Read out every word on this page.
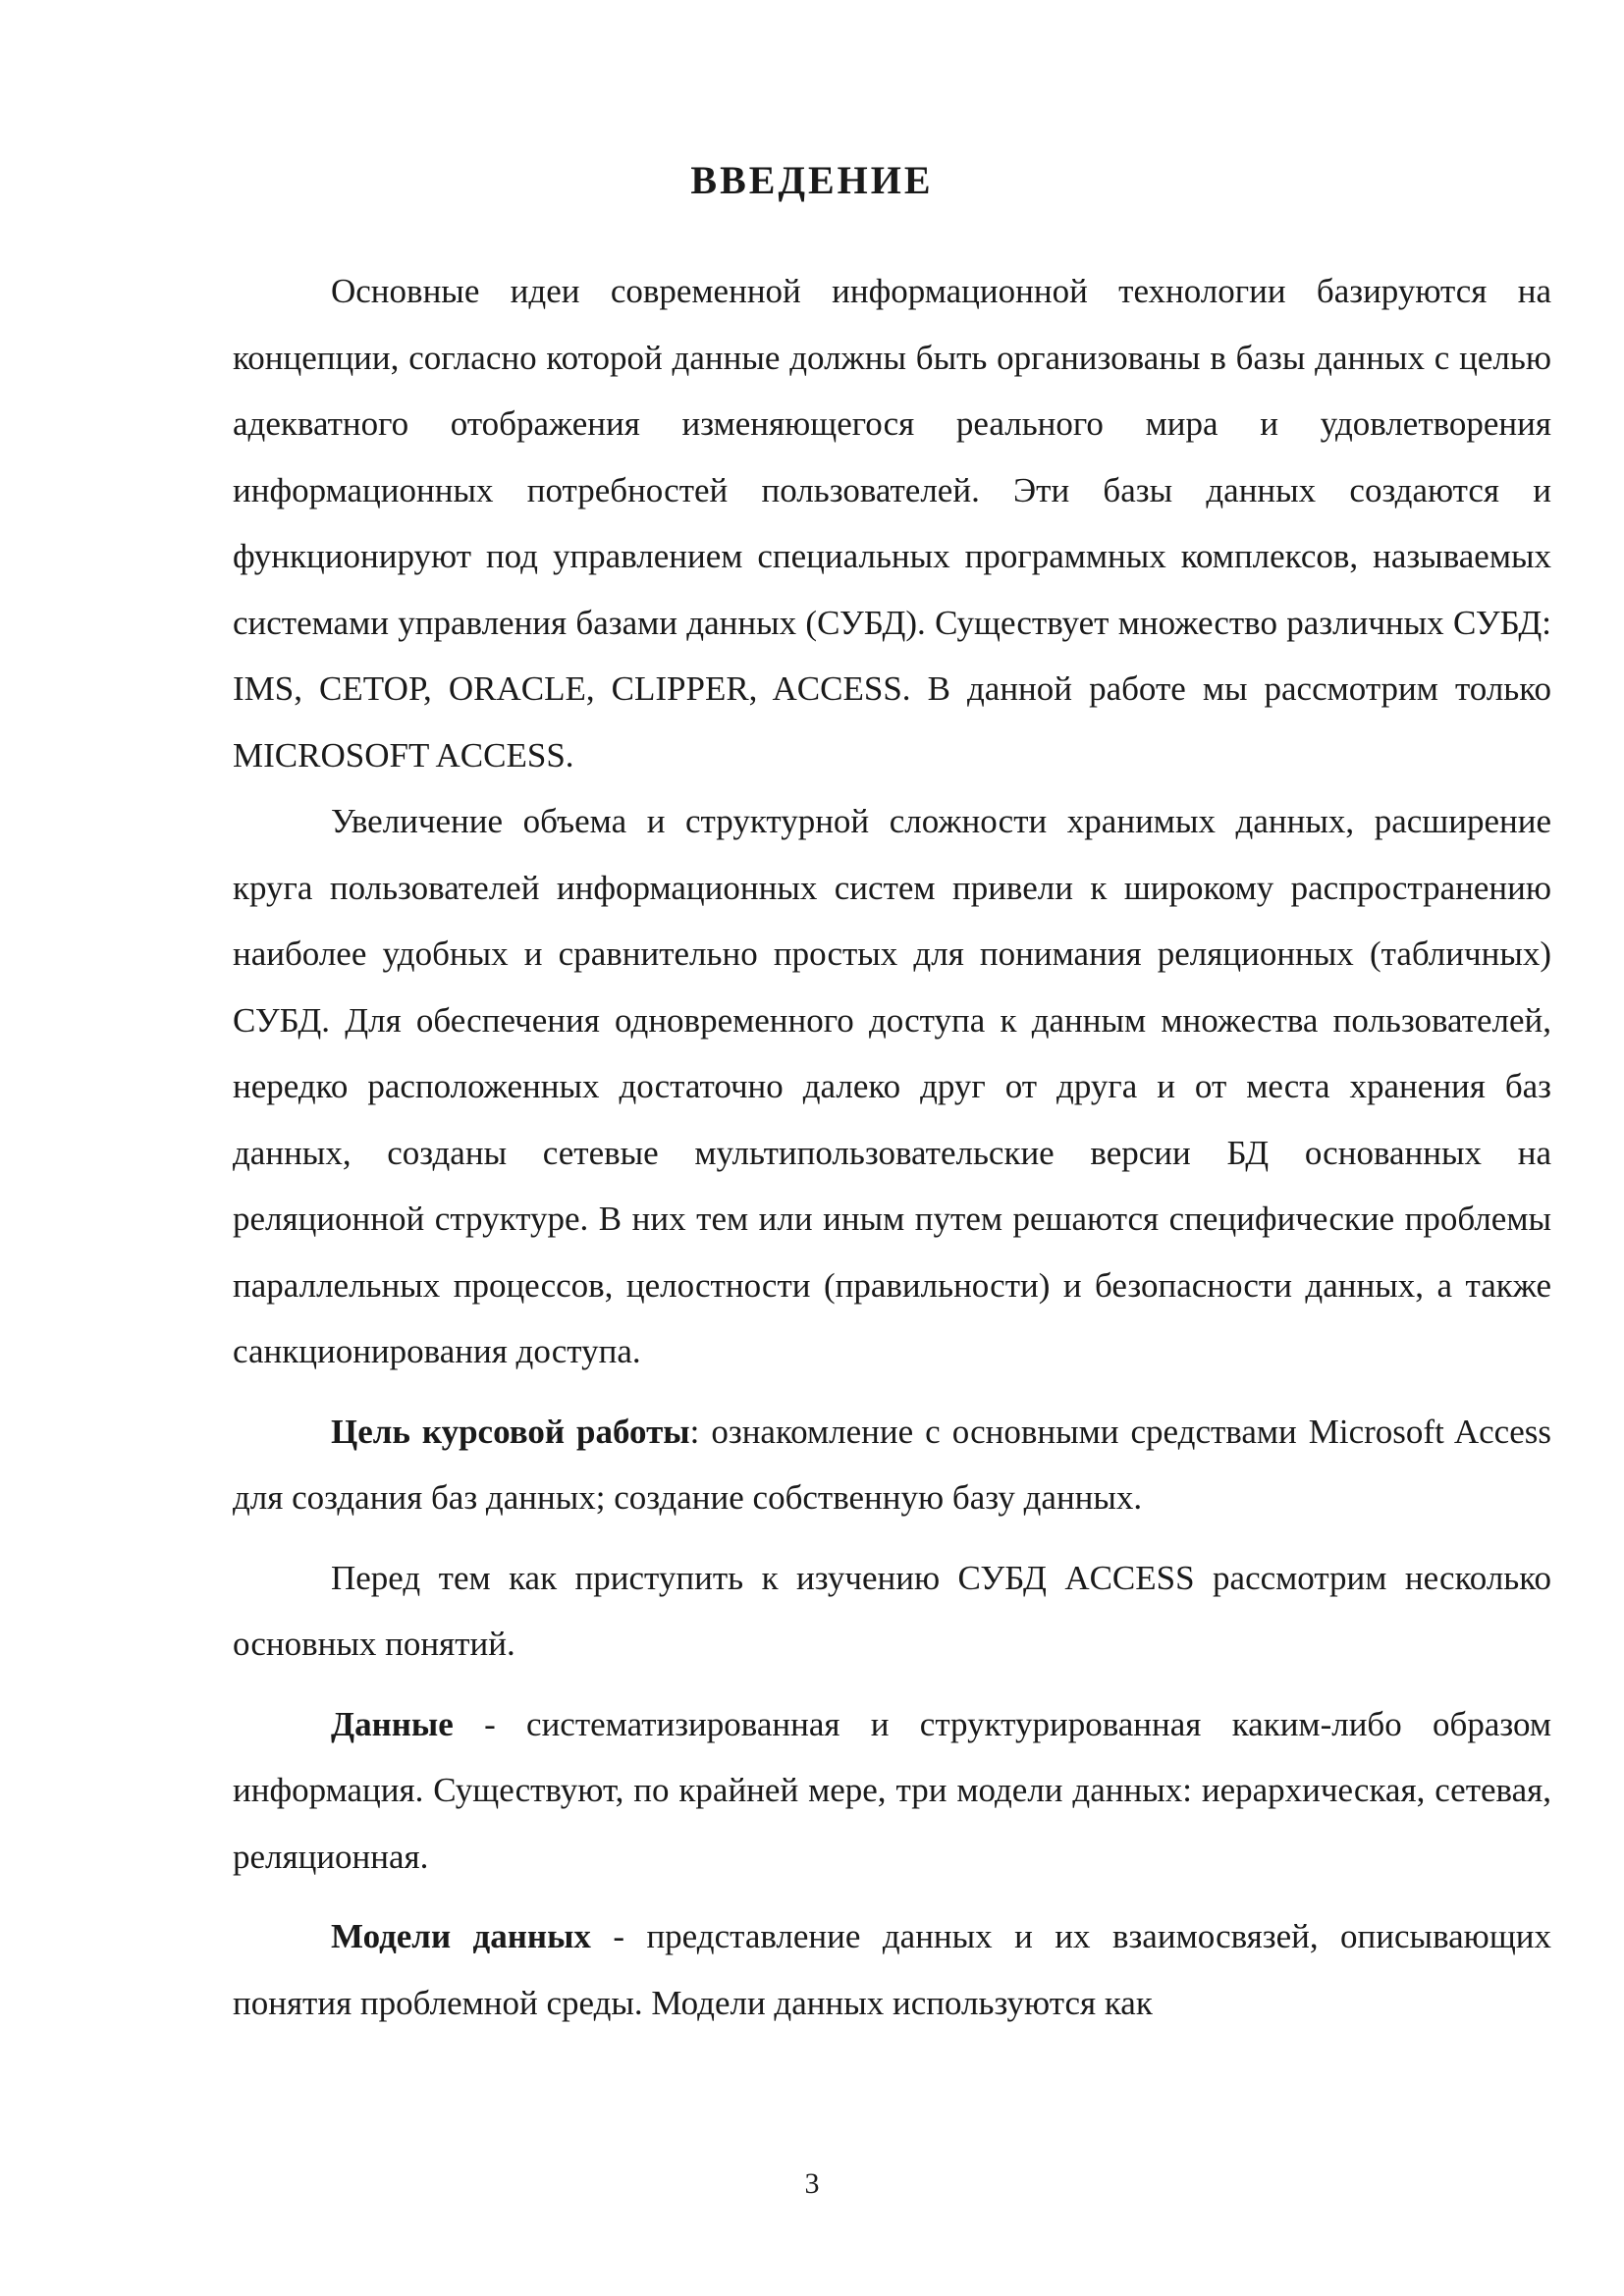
ВВЕДЕНИЕ

Основные идеи современной информационной технологии базируются на концепции, согласно которой данные должны быть организованы в базы данных с целью адекватного отображения изменяющегося реального мира и удовлетворения информационных потребностей пользователей. Эти базы данных создаются и функционируют под управлением специальных программных комплексов, называемых системами управления базами данных (СУБД). Существует множество различных СУБД: IMS, СЕТОР, ORACLE, CLIPPER, ACCESS. В данной работе мы рассмотрим только MICROSOFT ACCESS.

Увеличение объема и структурной сложности хранимых данных, расширение круга пользователей информационных систем привели к широкому распространению наиболее удобных и сравнительно простых для понимания реляционных (табличных) СУБД. Для обеспечения одновременного доступа к данным множества пользователей, нередко расположенных достаточно далеко друг от друга и от места хранения баз данных, созданы сетевые мультипользовательские версии БД основанных на реляционной структуре. В них тем или иным путем решаются специфические проблемы параллельных процессов, целостности (правильности) и безопасности данных, а также санкционирования доступа.

Цель курсовой работы: ознакомление с основными средствами Microsoft Access для создания баз данных; создание собственную базу данных.

Перед тем как приступить к изучению СУБД ACCESS рассмотрим несколько основных понятий.

Данные - систематизированная и структурированная каким-либо образом информация. Существуют, по крайней мере, три модели данных: иерархическая, сетевая, реляционная.

Модели данных - представление данных и их взаимосвязей, описывающих понятия проблемной среды. Модели данных используются как

3
